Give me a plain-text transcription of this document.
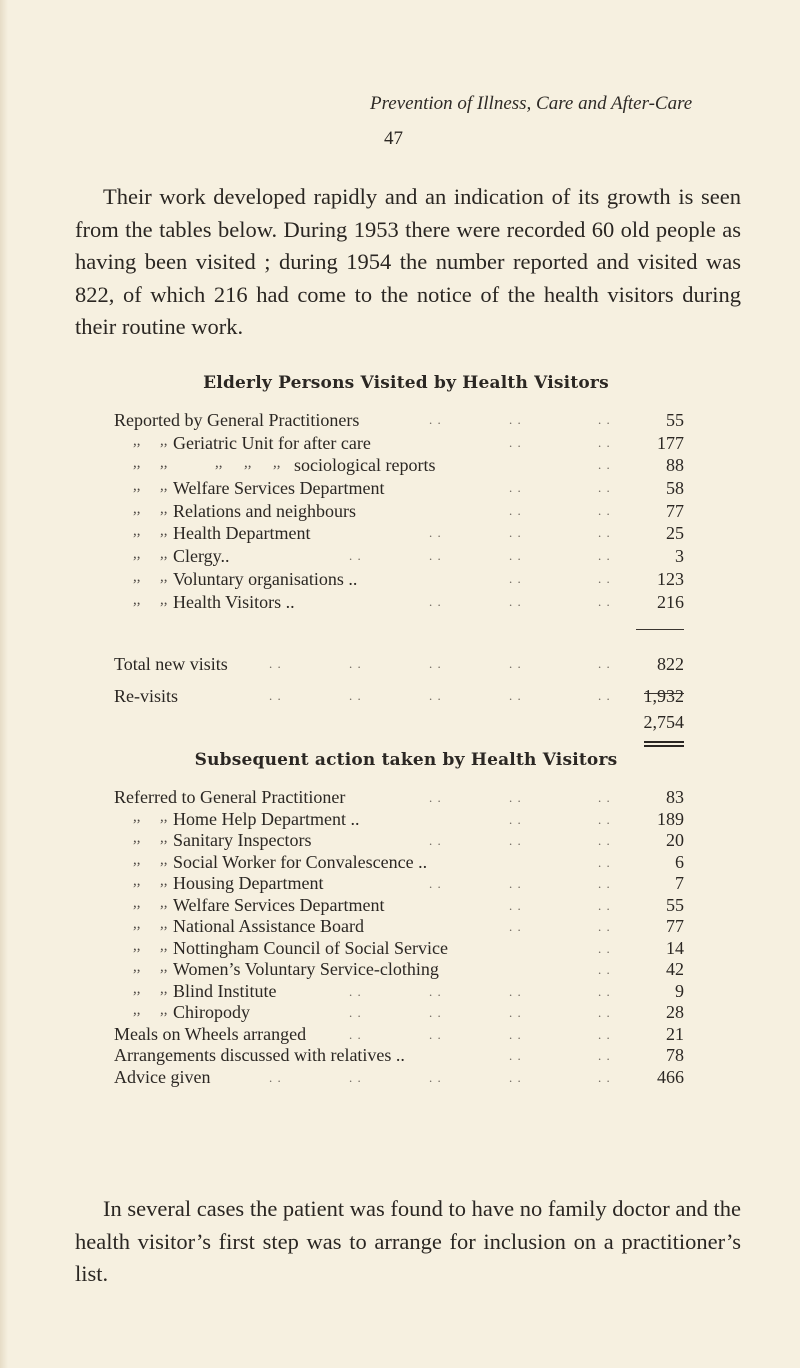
Prevention of Illness, Care and After-Care
47

Their work developed rapidly and an indication of its growth is seen from the tables below. During 1953 there were recorded 60 old people as having been visited ; during 1954 the number reported and visited was 822, of which 216 had come to the notice of the health visitors during their routine work.

Elderly Persons Visited by Health Visitors
Reported by General Practitioners	. .	. .	. .	55
,, ,, Geriatric Unit for after care	. .	. .	177
,, ,,	,, ,, ,, sociological reports	. .	88
,, ,, Welfare Services Department	. .	. .	58
,, ,, Relations and neighbours	. .	. .	77
,, ,, Health Department	. .	. .	. .	25
,, ,, Clergy..	. .	. .	. .	. .	3
,, ,, Voluntary organisations ..	. .	. .	123
,, ,, Health Visitors ..	. .	. .	. .	216
Total new visits	. .	. .	. .	. .	. .	822
Re-visits	. .	. .	. .	. .	. . 1,932
2,754
Subsequent action taken by Health Visitors
Referred to General Practitioner	. .	. .	. .	83
,, ,, Home Help Department ..	. .	. .	189
,, ,, Sanitary Inspectors	. .	. .	. .	20
,, ,, Social Worker for Convalescence ..	. .	6
,, ,, Housing Department	. .	. .	. .	7
,, ,, Welfare Services Department	. .	. .	55
,, ,, National Assistance Board	. .	. .	77
,, ,, Nottingham Council of Social Service	. .	14
,, ,, Women’s Voluntary Service-clothing	. .	42
,, ,, Blind Institute	. .	. .	. .	. .	9
,, ,, Chiropody	. .	. .	. .	. .	28
Meals on Wheels arranged	. .	. .	. .	. .	21
Arrangements discussed with relatives ..	. .	. .	78
Advice given	. .	. .	. .	. .	. .	466

In several cases the patient was found to have no family doctor and the health visitor’s first step was to arrange for inclusion on a practitioner’s list.
